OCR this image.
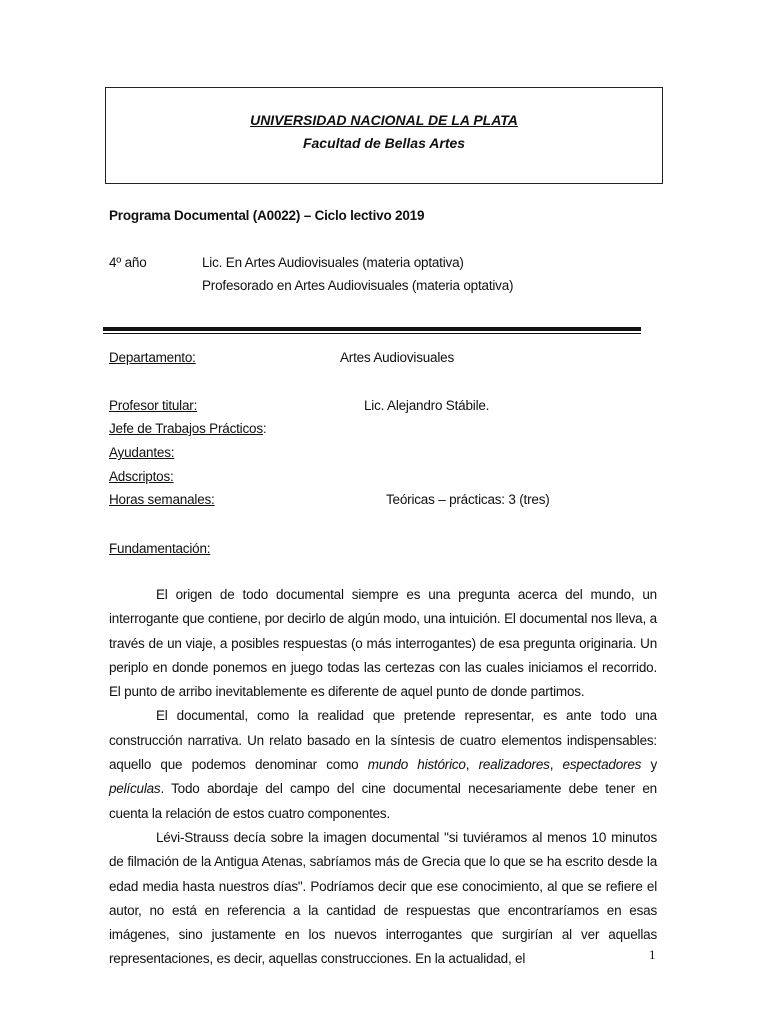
UNIVERSIDAD NACIONAL DE LA PLATA
Facultad de Bellas Artes
Programa Documental (A0022) – Ciclo lectivo 2019
4º año	Lic. En Artes Audiovisuales (materia optativa)
Profesorado en Artes Audiovisuales (materia optativa)
Departamento:	Artes Audiovisuales
Profesor titular:	Lic. Alejandro Stábile.
Jefe de Trabajos Prácticos:
Ayudantes:
Adscriptos:
Horas semanales:	Teóricas – prácticas: 3 (tres)
Fundamentación:

El origen de todo documental siempre es una pregunta acerca del mundo, un interrogante que contiene, por decirlo de algún modo, una intuición. El documental nos lleva, a través de un viaje, a posibles respuestas (o más interrogantes) de esa pregunta originaria. Un periplo en donde ponemos en juego todas las certezas con las cuales iniciamos el recorrido. El punto de arribo inevitablemente es diferente de aquel punto de donde partimos.

El documental, como la realidad que pretende representar, es ante todo una construcción narrativa. Un relato basado en la síntesis de cuatro elementos indispensables: aquello que podemos denominar como mundo histórico, realizadores, espectadores y películas. Todo abordaje del campo del cine documental necesariamente debe tener en cuenta la relación de estos cuatro componentes.

Lévi-Strauss decía sobre la imagen documental "si tuviéramos al menos 10 minutos de filmación de la Antigua Atenas, sabríamos más de Grecia que lo que se ha escrito desde la edad media hasta nuestros días". Podríamos decir que ese conocimiento, al que se refiere el autor, no está en referencia a la cantidad de respuestas que encontraríamos en esas imágenes, sino justamente en los nuevos interrogantes que surgirían al ver aquellas representaciones, es decir, aquellas construcciones. En la actualidad, el	1
